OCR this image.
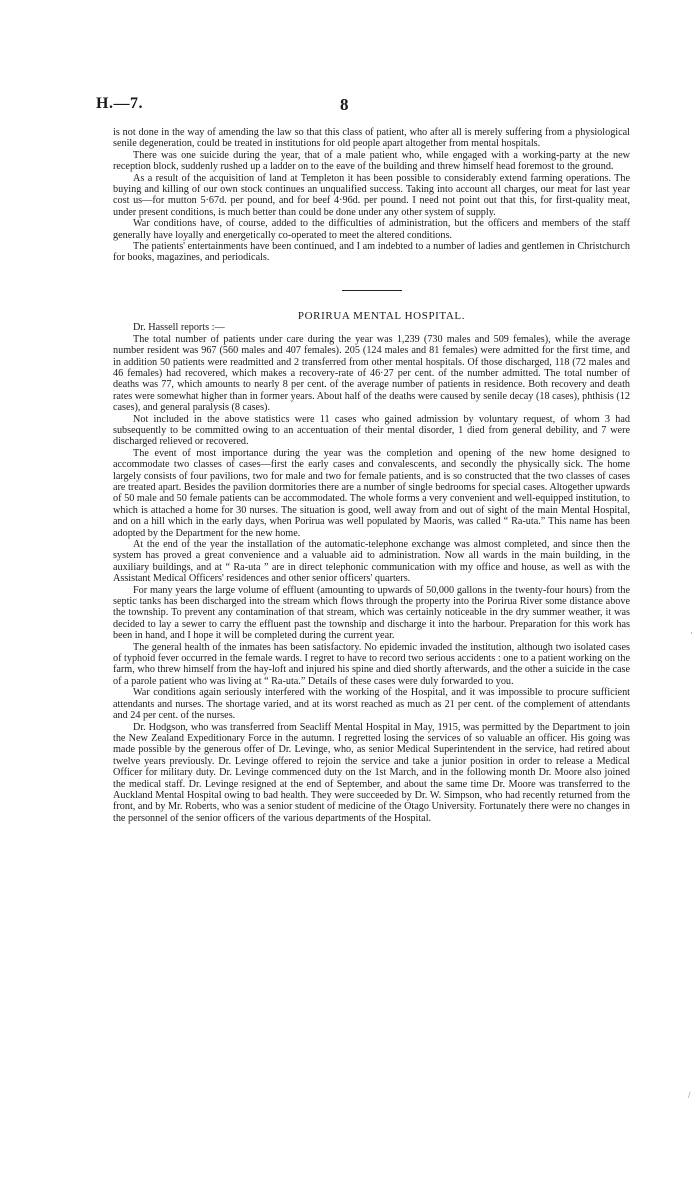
H.—7.	8

is not done in the way of amending the law so that this class of patient, who after all is merely suffering from a physiological senile degeneration, could be treated in institutions for old people apart altogether from mental hospitals.

There was one suicide during the year, that of a male patient who, while engaged with a working-party at the new reception block, suddenly rushed up a ladder on to the eave of the building and threw himself head foremost to the ground.

As a result of the acquisition of land at Templeton it has been possible to considerably extend farming operations. The buying and killing of our own stock continues an unqualified success. Taking into account all charges, our meat for last year cost us—for mutton 5·67d. per pound, and for beef 4·96d. per pound. I need not point out that this, for first-quality meat, under present conditions, is much better than could be done under any other system of supply.

War conditions have, of course, added to the difficulties of administration, but the officers and members of the staff generally have loyally and energetically co-operated to meet the altered conditions.

The patients' entertainments have been continued, and I am indebted to a number of ladies and gentlemen in Christchurch for books, magazines, and periodicals.

PORIRUA MENTAL HOSPITAL.

Dr. Hassell reports :—

The total number of patients under care during the year was 1,239 (730 males and 509 females), while the average number resident was 967 (560 males and 407 females). 205 (124 males and 81 females) were admitted for the first time, and in addition 50 patients were readmitted and 2 transferred from other mental hospitals. Of those discharged, 118 (72 males and 46 females) had recovered, which makes a recovery-rate of 46·27 per cent. of the number admitted. The total number of deaths was 77, which amounts to nearly 8 per cent. of the average number of patients in residence. Both recovery and death rates were somewhat higher than in former years. About half of the deaths were caused by senile decay (18 cases), phthisis (12 cases), and general paralysis (8 cases).

Not included in the above statistics were 11 cases who gained admission by voluntary request, of whom 3 had subsequently to be committed owing to an accentuation of their mental disorder, 1 died from general debility, and 7 were discharged relieved or recovered.

The event of most importance during the year was the completion and opening of the new home designed to accommodate two classes of cases—first the early cases and convalescents, and secondly the physically sick. The home largely consists of four pavilions, two for male and two for female patients, and is so constructed that the two classes of cases are treated apart. Besides the pavilion dormitories there are a number of single bedrooms for special cases. Altogether upwards of 50 male and 50 female patients can be accommodated. The whole forms a very convenient and well-equipped institution, to which is attached a home for 30 nurses. The situation is good, well away from and out of sight of the main Mental Hospital, and on a hill which in the early days, when Porirua was well populated by Maoris, was called “ Ra-uta.” This name has been adopted by the Department for the new home.

At the end of the year the installation of the automatic-telephone exchange was almost completed, and since then the system has proved a great convenience and a valuable aid to administration. Now all wards in the main building, in the auxiliary buildings, and at “ Ra-uta ” are in direct telephonic communication with my office and house, as well as with the Assistant Medical Officers' residences and other senior officers' quarters.

For many years the large volume of effluent (amounting to upwards of 50,000 gallons in the twenty-four hours) from the septic tanks has been discharged into the stream which flows through the property into the Porirua River some distance above the township. To prevent any contamination of that stream, which was certainly noticeable in the dry summer weather, it was decided to lay a sewer to carry the effluent past the township and discharge it into the harbour. Preparation for this work has been in hand, and I hope it will be completed during the current year.

The general health of the inmates has been satisfactory. No epidemic invaded the institution, although two isolated cases of typhoid fever occurred in the female wards. I regret to have to record two serious accidents : one to a patient working on the farm, who threw himself from the hay-loft and injured his spine and died shortly afterwards, and the other a suicide in the case of a parole patient who was living at “ Ra-uta.” Details of these cases were duly forwarded to you.

War conditions again seriously interfered with the working of the Hospital, and it was impossible to procure sufficient attendants and nurses. The shortage varied, and at its worst reached as much as 21 per cent. of the complement of attendants and 24 per cent. of the nurses.

Dr. Hodgson, who was transferred from Seacliff Mental Hospital in May, 1915, was permitted by the Department to join the New Zealand Expeditionary Force in the autumn. I regretted losing the services of so valuable an officer. His going was made possible by the generous offer of Dr. Levinge, who, as senior Medical Superintendent in the service, had retired about twelve years previously. Dr. Levinge offered to rejoin the service and take a junior position in order to release a Medical Officer for military duty. Dr. Levinge commenced duty on the 1st March, and in the following month Dr. Moore also joined the medical staff. Dr. Levinge resigned at the end of September, and about the same time Dr. Moore was transferred to the Auckland Mental Hospital owing to bad health. They were succeeded by Dr. W. Simpson, who had recently returned from the front, and by Mr. Roberts, who was a senior student of medicine of the Otago University. Fortunately there were no changes in the personnel of the senior officers of the various departments of the Hospital.

·
/
